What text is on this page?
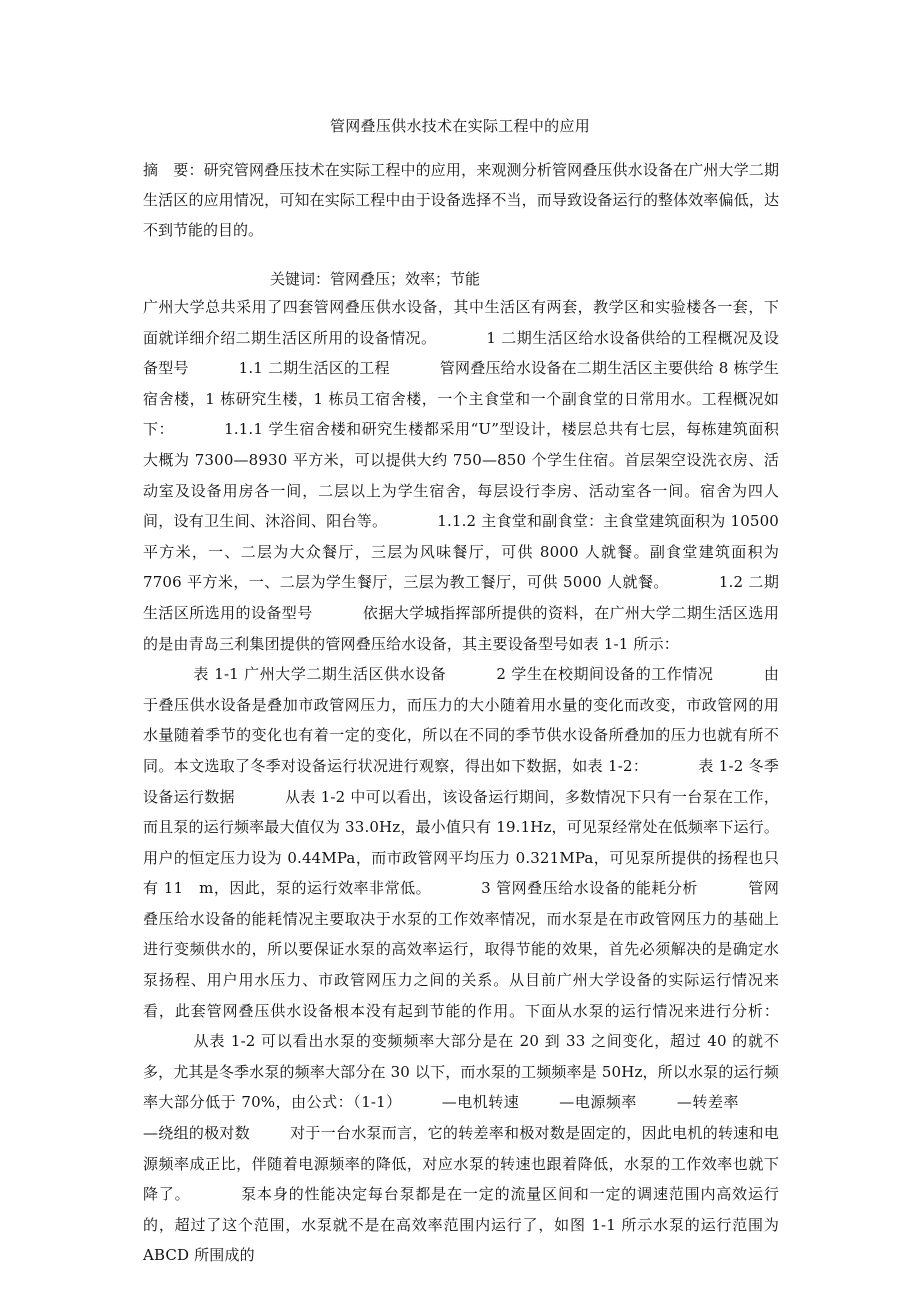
管网叠压供水技术在实际工程中的应用
摘　要：研究管网叠压技术在实际工程中的应用，来观测分析管网叠压供水设备在广州大学二期生活区的应用情况，可知在实际工程中由于设备选择不当，而导致设备运行的整体效率偏低，达不到节能的目的。
关键词：管网叠压；效率；节能
广州大学总共采用了四套管网叠压供水设备，其中生活区有两套，教学区和实验楼各一套，下面就详细介绍二期生活区所用的设备情况。	1 二期生活区给水设备供给的工程概况及设备型号	1.1 二期生活区的工程	管网叠压给水设备在二期生活区主要供给 8 栋学生宿舍楼，1 栋研究生楼，1 栋员工宿舍楼，一个主食堂和一个副食堂的日常用水。工程概况如下：	1.1.1 学生宿舍楼和研究生楼都采用“U”型设计，楼层总共有七层，每栋建筑面积大概为 7300—8930 平方米，可以提供大约 750—850 个学生住宿。首层架空设洗衣房、活动室及设备用房各一间，二层以上为学生宿舍，每层设行李房、活动室各一间。宿舍为四人间，设有卫生间、沐浴间、阳台等。	1.1.2 主食堂和副食堂：主食堂建筑面积为 10500 平方米，一、二层为大众餐厅，三层为风味餐厅，可供 8000 人就餐。副食堂建筑面积为 7706 平方米，一、二层为学生餐厅，三层为教工餐厅，可供 5000 人就餐。	1.2 二期生活区所选用的设备型号	依据大学城指挥部所提供的资料，在广州大学二期生活区选用的是由青岛三利集团提供的管网叠压给水设备，其主要设备型号如表 1-1 所示：表 1-1 广州大学二期生活区供水设备	2 学生在校期间设备的工作情况	由于叠压供水设备是叠加市政管网压力，而压力的大小随着用水量的变化而改变，市政管网的用水量随着季节的变化也有着一定的变化，所以在不同的季节供水设备所叠加的压力也就有所不同。本文选取了冬季对设备运行状况进行观察，得出如下数据，如表 1-2：	表 1-2 冬季设备运行数据	从表 1-2 中可以看出，该设备运行期间，多数情况下只有一台泵在工作，而且泵的运行频率最大值仅为 33.0Hz，最小值只有 19.1Hz，可见泵经常处在低频率下运行。用户的恒定压力设为 0.44MPa，而市政管网平均压力 0.321MPa，可见泵所提供的扬程也只有 11　m，因此，泵的运行效率非常低。	3 管网叠压给水设备的能耗分析	管网叠压给水设备的能耗情况主要取决于水泵的工作效率情况，而水泵是在市政管网压力的基础上进行变频供水的，所以要保证水泵的高效率运行，取得节能的效果，首先必须解决的是确定水泵扬程、用户用水压力、市政管网压力之间的关系。从目前广州大学设备的实际运行情况来看，此套管网叠压供水设备根本没有起到节能的作用。下面从水泵的运行情况来进行分析：从表 1-2 可以看出水泵的变频频率大部分是在 20 到 33 之间变化，超过 40 的就不多，尤其是冬季水泵的频率大部分在 30 以下，而水泵的工频频率是 50Hz，所以水泵的运行频率大部分低于 70%，由公式：（1-1）	—电机转速	—电源频率	—转差率—绕组的极对数	对于一台水泵而言，它的转差率和极对数是固定的，因此电机的转速和电源频率成正比，伴随着电源频率的降低，对应水泵的转速也跟着降低，水泵的工作效率也就下降了。	泵本身的性能决定每台泵都是在一定的流量区间和一定的调速范围内高效运行的，超过了这个范围，水泵就不是在高效率范围内运行了，如图 1-1 所示水泵的运行范围为 ABCD 所围成的
